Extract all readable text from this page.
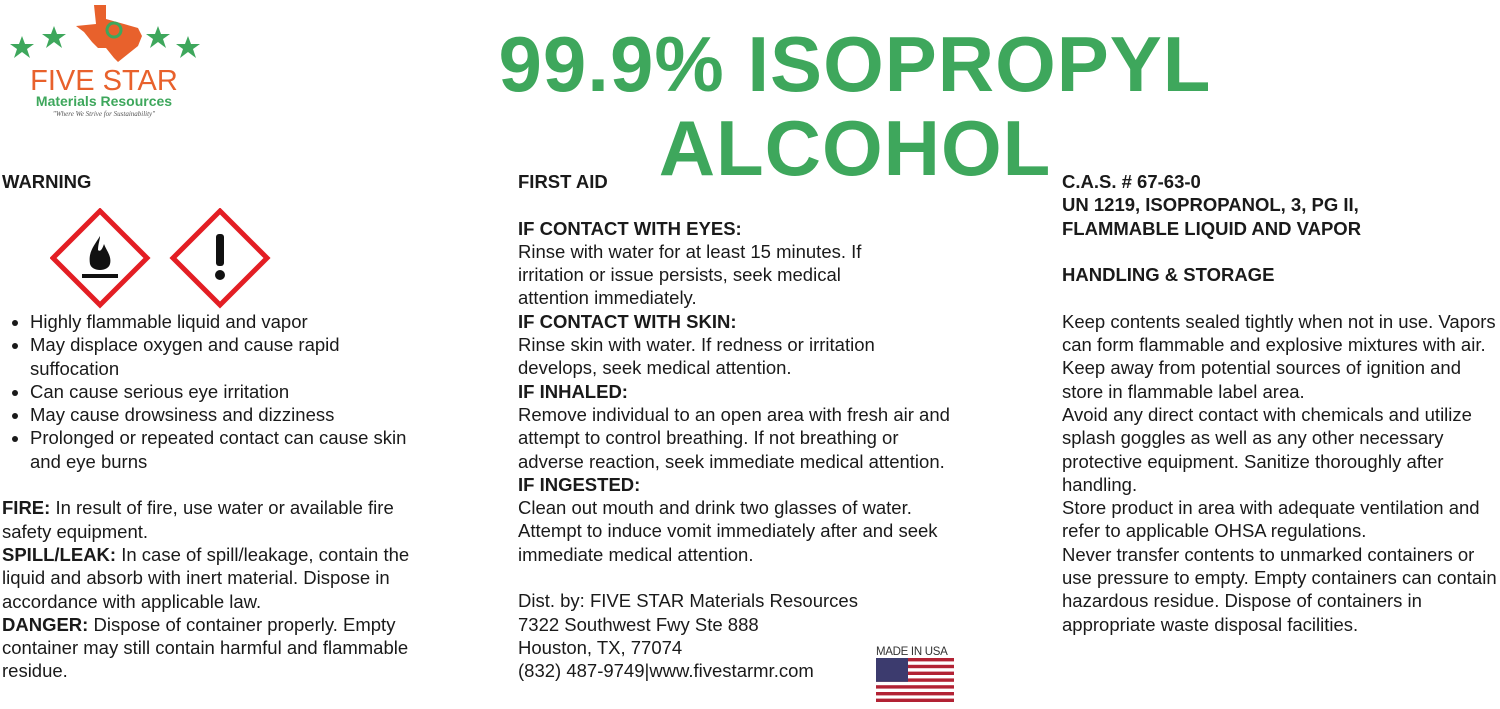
FIVE STAR
Materials Resources
"Where We Strive for Sustainability"
99.9% ISOPROPYL ALCOHOL
WARNING
• Highly flammable liquid and vapor
• May displace oxygen and cause rapid suffocation
• Can cause serious eye irritation
• May cause drowsiness and dizziness
• Prolonged or repeated contact can cause skin and eye burns
FIRE: In result of fire, use water or available fire safety equipment.
SPILL/LEAK: In case of spill/leakage, contain the liquid and absorb with inert material. Dispose in accordance with applicable law.
DANGER: Dispose of container properly. Empty container may still contain harmful and flammable residue.
FIRST AID
IF CONTACT WITH EYES:
Rinse with water for at least 15 minutes. If irritation or issue persists, seek medical attention immediately.
IF CONTACT WITH SKIN:
Rinse skin with water. If redness or irritation develops, seek medical attention.
IF INHALED:
Remove individual to an open area with fresh air and attempt to control breathing. If not breathing or adverse reaction, seek immediate medical attention.
IF INGESTED:
Clean out mouth and drink two glasses of water. Attempt to induce vomit immediately after and seek immediate medical attention.
Dist. by: FIVE STAR Materials Resources
7322 Southwest Fwy Ste 888
Houston, TX, 77074
(832) 487-9749|www.fivestarmr.com
MADE IN USA
C.A.S. # 67-63-0
UN 1219, ISOPROPANOL, 3, PG II,
FLAMMABLE LIQUID AND VAPOR
HANDLING & STORAGE
Keep contents sealed tightly when not in use. Vapors can form flammable and explosive mixtures with air. Keep away from potential sources of ignition and store in flammable label area.
Avoid any direct contact with chemicals and utilize splash goggles as well as any other necessary protective equipment. Sanitize thoroughly after handling.
Store product in area with adequate ventilation and refer to applicable OHSA regulations.
Never transfer contents to unmarked containers or use pressure to empty. Empty containers can contain hazardous residue. Dispose of containers in appropriate waste disposal facilities.
